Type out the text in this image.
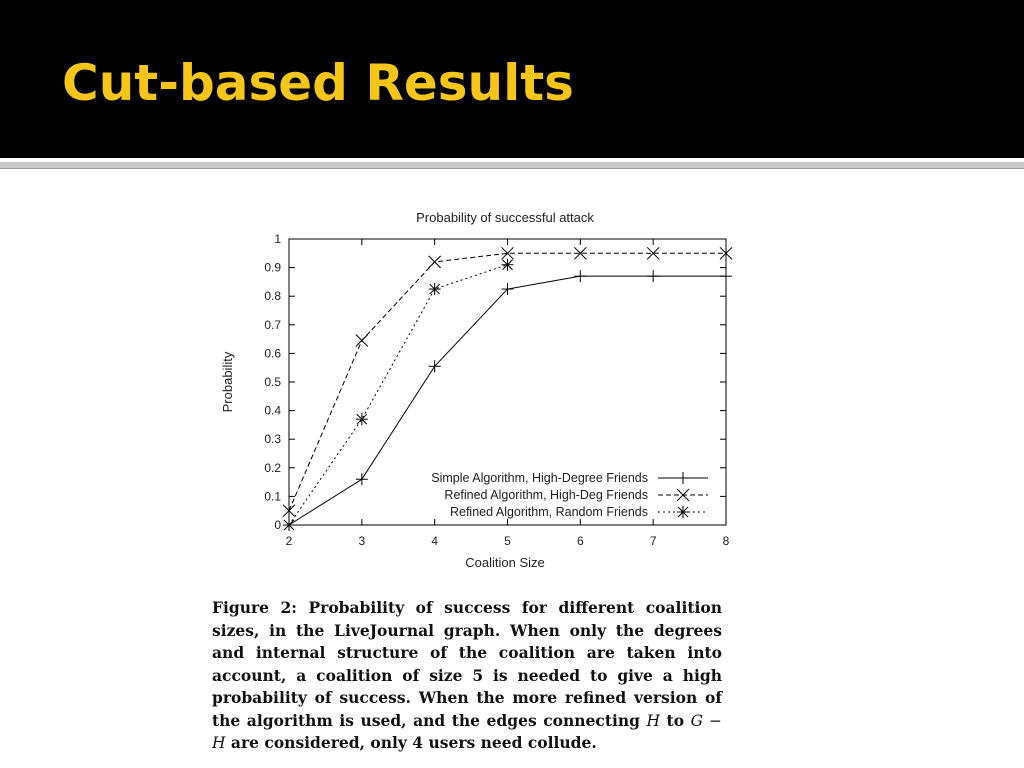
Cut-based Results
Probability of successful attack
0
0.1
0.2
0.3
0.4
0.5
0.6
0.7
0.8
0.9
1
2	3	4	5	6	7	8
Probability
Coalition Size
Simple Algorithm, High-Degree Friends
Refined Algorithm, High-Deg Friends
Refined Algorithm, Random Friends

Figure 2: Probability of success for different coalition sizes, in the LiveJournal graph. When only the degrees and internal structure of the coalition are taken into account, a coalition of size 5 is needed to give a high probability of success. When the more refined version of the algorithm is used, and the edges connecting H to G − H are considered, only 4 users need collude.
